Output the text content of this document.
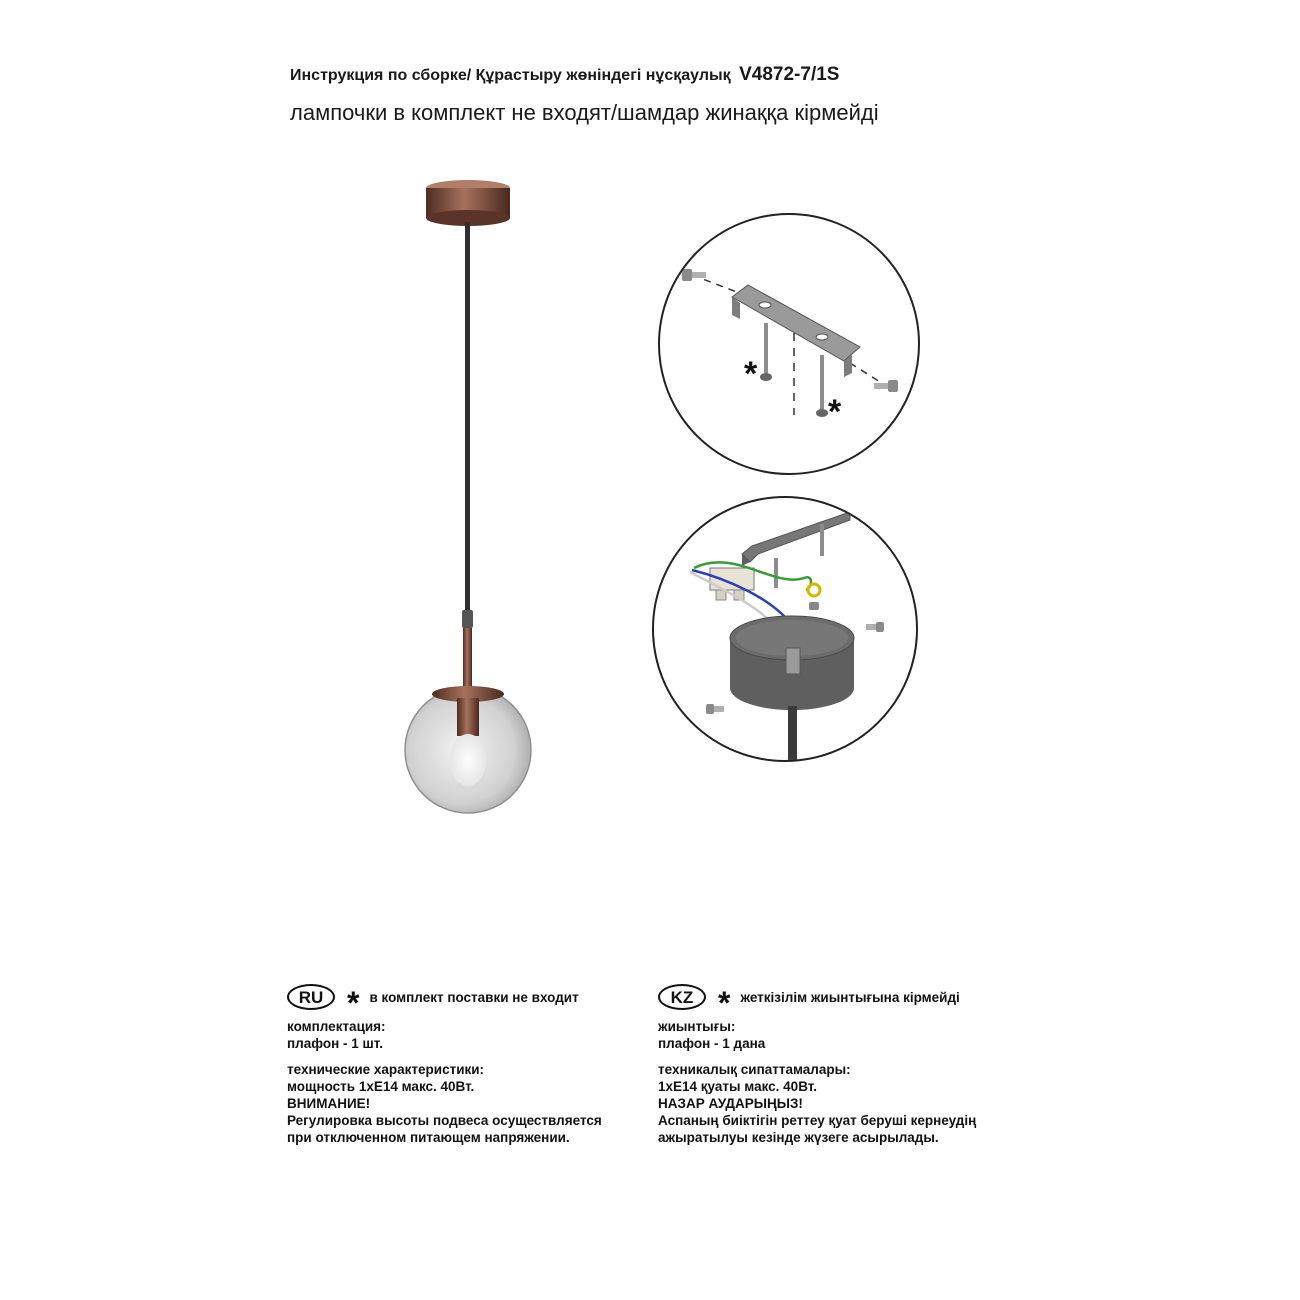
Инструкция по сборке/ Құрастыру жөніндегі нұсқаулық V4872-7/1S
лампочки в комплект не входят/шамдар жинаққа кірмейді
*
*
RU * в комплект поставки не входит
комплектация:
плафон - 1 шт.
технические характеристики:
мощность 1хЕ14 макс. 40Вт.
ВНИМАНИЕ!
Регулировка высоты подвеса осуществляется
при отключенном питающем напряжении.
KZ * жеткізілім жиынтығына кірмейді
жиынтығы:
плафон - 1 дана
техникалық сипаттамалары:
1хЕ14 қуаты макс. 40Вт.
НАЗАР АУДАРЫҢЫЗ!
Аспаның биіктігін реттеу қуат беруші кернеудің
ажыратылуы кезінде жүзеге асырылады.
